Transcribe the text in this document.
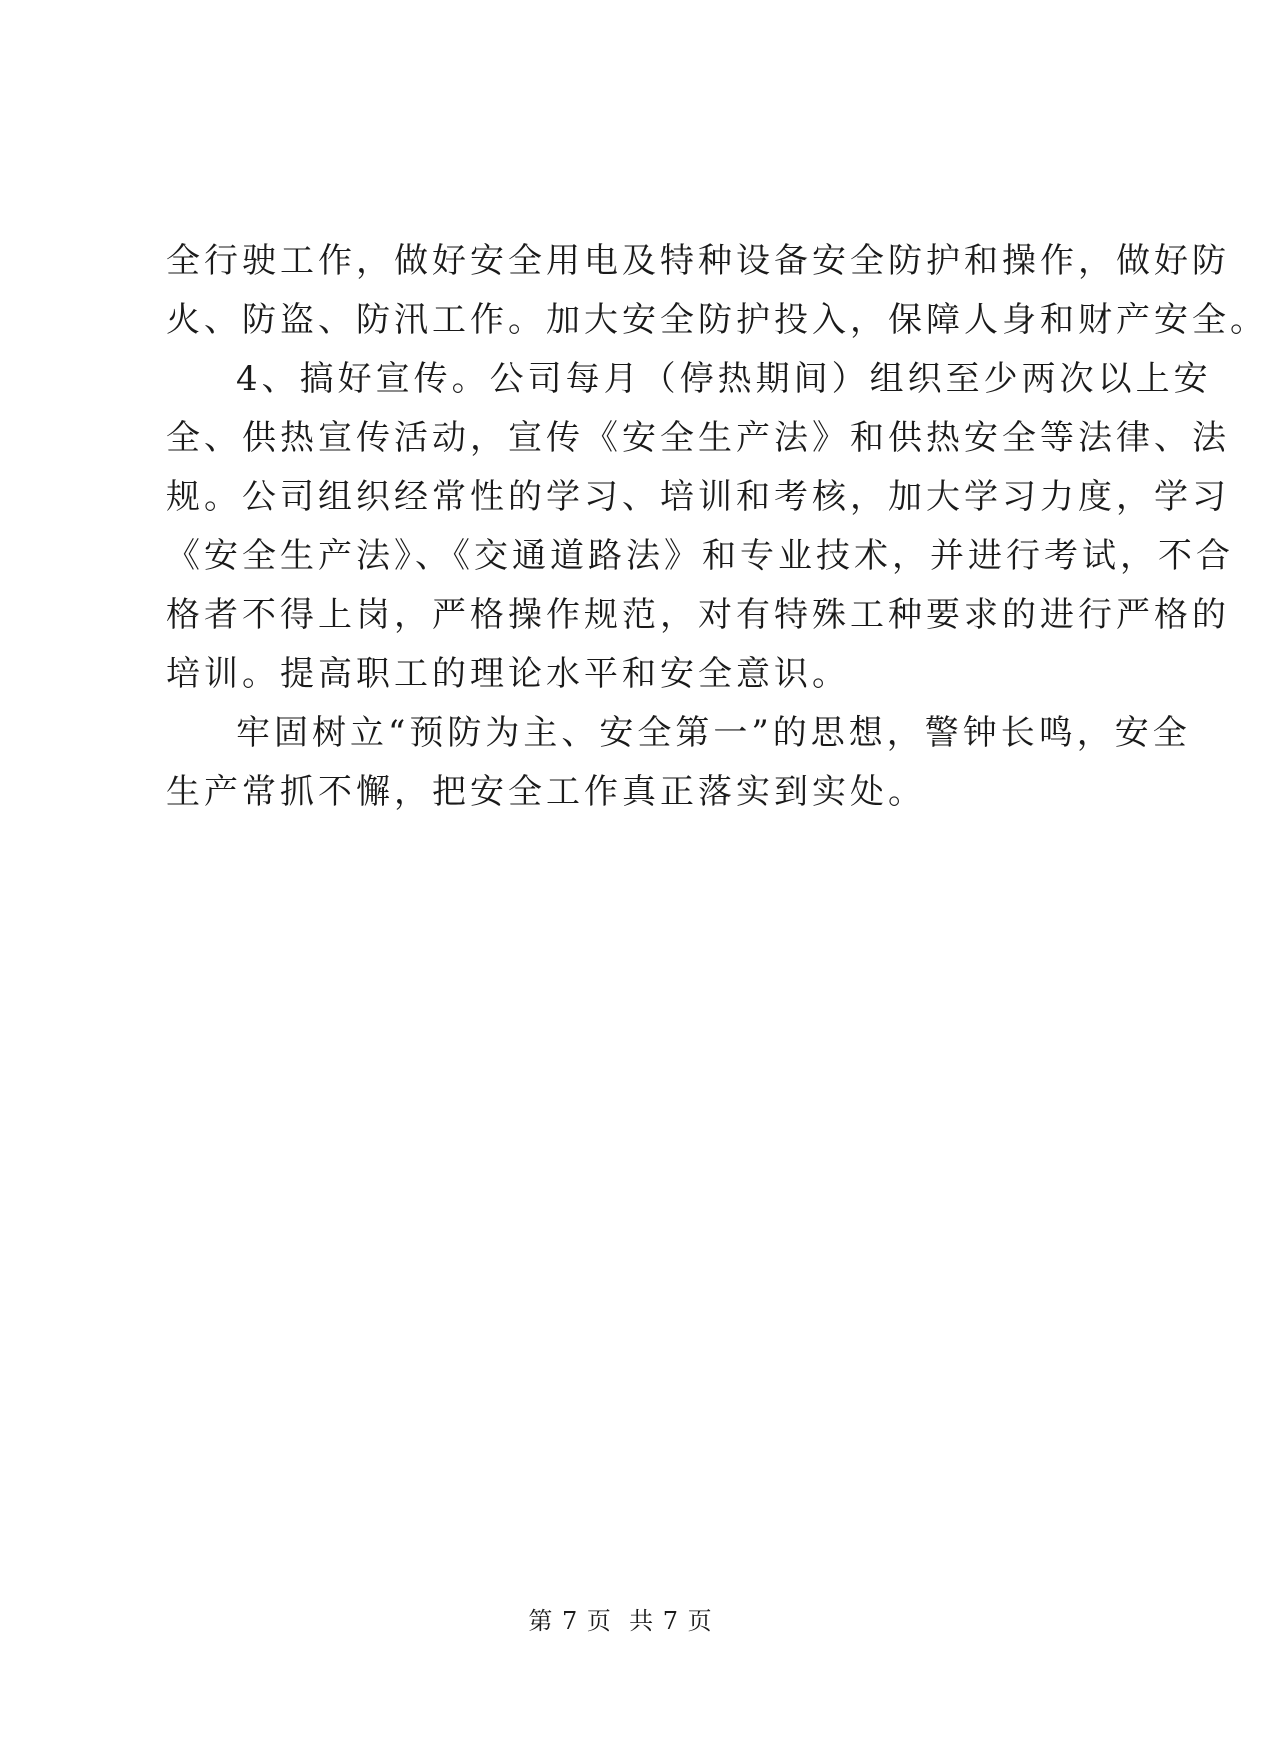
全行驶工作，做好安全用电及特种设备安全防护和操作，做好防
火、防盗、防汛工作。加大安全防护投入，保障人身和财产安全。
4、搞好宣传。公司每月（停热期间）组织至少两次以上安
全、供热宣传活动，宣传《安全生产法》和供热安全等法律、法
规。公司组织经常性的学习、培训和考核，加大学习力度，学习
《安全生产法》、《交通道路法》和专业技术，并进行考试，不合
格者不得上岗，严格操作规范，对有特殊工种要求的进行严格的
培训。提高职工的理论水平和安全意识。
牢固树立“预防为主、安全第一”的思想，警钟长鸣，安全
生产常抓不懈，把安全工作真正落实到实处。
第 7 页  共 7 页
